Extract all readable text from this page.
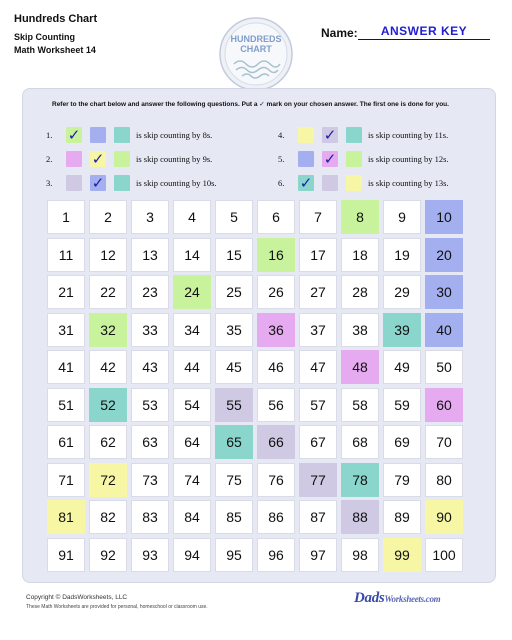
Hundreds Chart
Skip Counting
Math Worksheet 14
HUNDREDS
CHART
Name:	ANSWER KEY
Refer to the chart below and answer the following questions. Put a ✓ mark on your chosen answer. The first one is done for you.
1. ✓	is skip counting by 8s.
2.	✓	is skip counting by 9s.
3.	✓	is skip counting by 10s.
4.	✓	is skip counting by 11s.
5.	✓	is skip counting by 12s.
6. ✓	is skip counting by 13s.
1	2	3	4	5	6	7	8	9	10
11	12	13	14	15	16	17	18	19	20
21	22	23	24	25	26	27	28	29	30
31	32	33	34	35	36	37	38	39	40
41	42	43	44	45	46	47	48	49	50
51	52	53	54	55	56	57	58	59	60
61	62	63	64	65	66	67	68	69	70
71	72	73	74	75	76	77	78	79	80
81	82	83	84	85	86	87	88	89	90
91	92	93	94	95	96	97	98	99	100
Copyright © DadsWorksheets, LLC
These Math Worksheets are provided for personal, homeschool or classroom use.
DadsWorksheets.com
